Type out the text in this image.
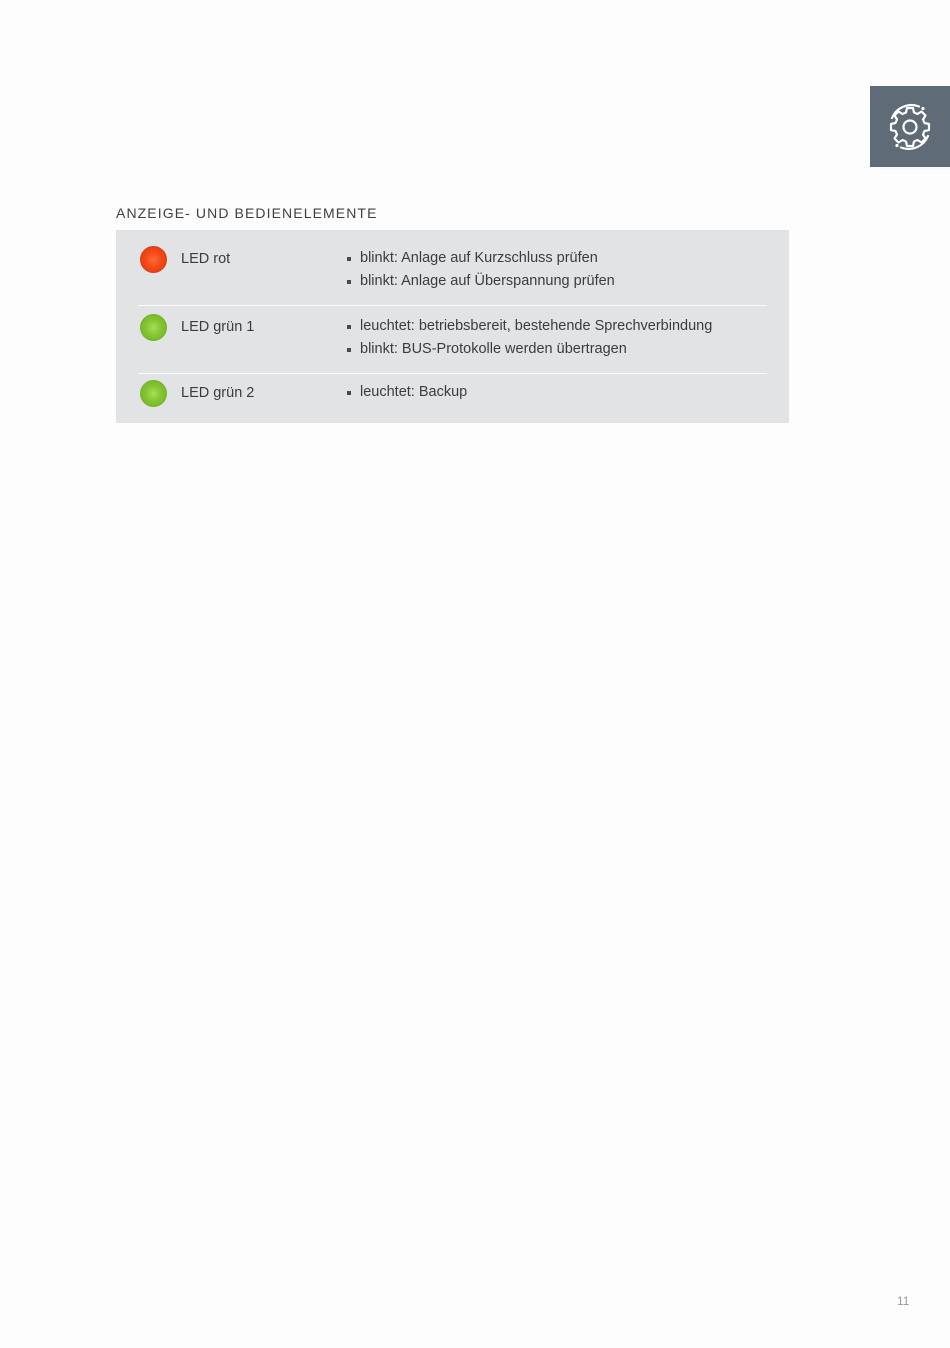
ANZEIGE- UND BEDIENELEMENTE
LED rot	blinkt: Anlage auf Kurzschluss prüfen
blinkt: Anlage auf Überspannung prüfen
LED grün 1	leuchtet: betriebsbereit, bestehende Sprechverbindung
blinkt: BUS-Protokolle werden übertragen
LED grün 2	leuchtet: Backup
11
